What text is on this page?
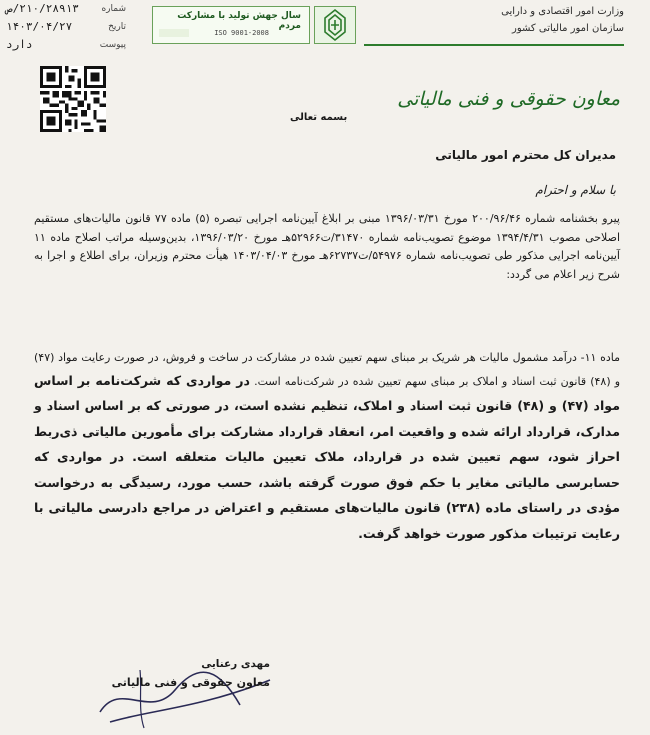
شماره
۲۱۰/۲۸۹۱۳/ص
تاریخ
۱۴۰۳/۰۴/۲۷
پیوست
دارد
سال جهش تولید با مشارکت مردم
ISO 9001-2008
وزارت امور اقتصادی و دارایی
سازمان امور مالیاتی کشور
معاون حقوقی و فنی مالیاتی
بسمه تعالی
مدیران کل محترم امور مالیاتی
با سلام و احترام
پیرو بخشنامه شماره ۲۰۰/۹۶/۴۶ مورخ ۱۳۹۶/۰۳/۳۱ مبنی بر ابلاغ آیین‌نامه اجرایی تبصره (۵) ماده ۷۷ قانون مالیات‌های مستقیم اصلاحی مصوب ۱۳۹۴/۴/۳۱ موضوع تصویب‌نامه شماره ۳۱۴۷۰/ت۵۲۹۶۶هـ مورخ ۱۳۹۶/۰۳/۲۰، بدین‌وسیله مراتب اصلاح ماده ۱۱ آیین‌نامه اجرایی مذکور طی تصویب‌نامه شماره ۵۴۹۷۶/ت۶۲۷۳۷هـ مورخ ۱۴۰۳/۰۴/۰۳ هیأت محترم وزیران، برای اطلاع و اجرا به شرح زیر اعلام می گردد:
ماده ۱۱- درآمد مشمول مالیات هر شریک بر مبنای سهم تعیین شده در مشارکت در ساخت و فروش، در صورت رعایت مواد (۴۷) و (۴۸) قانون ثبت اسناد و املاک بر مبنای سهم تعیین شده در شرکت‌نامه است. در مواردی که شرکت‌نامه بر اساس مواد (۴۷) و (۴۸) قانون ثبت اسناد و املاک، تنظیم نشده است، در صورتی که بر اساس اسناد و مدارک، قرارداد ارائه شده و واقعیت امر، انعقاد قرارداد مشارکت برای مأمورین مالیاتی ذی‌ربط احراز شود، سهم تعیین شده در قرارداد، ملاک تعیین مالیات متعلقه است. در مواردی که حسابرسی مالیاتی مغایر با حکم فوق صورت گرفته باشد، حسب مورد، رسیدگی به درخواست مؤدی در راستای ماده (۲۳۸) قانون مالیات‌های مستقیم و اعتراض در مراجع دادرسی مالیاتی با رعایت ترتیبات مذکور صورت خواهد گرفت.
مهدی رعنایی
معاون حقوقی و فنی مالیاتی
